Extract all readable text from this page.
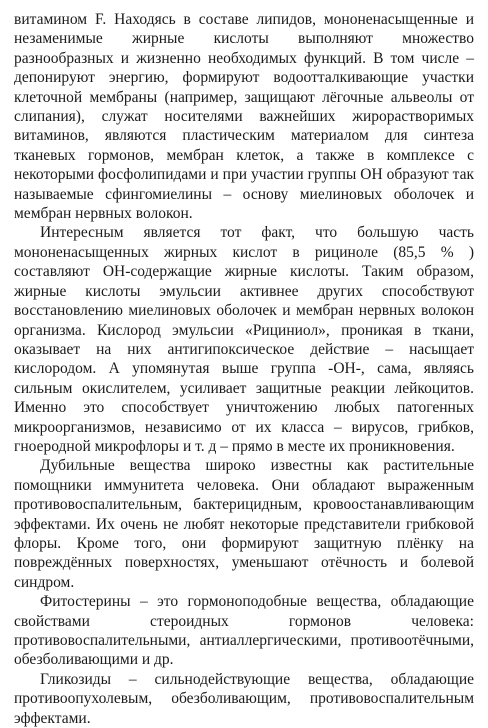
витамином F. Находясь в составе липидов, мононенасыщенные и незаменимые жирные кислоты выполняют множество разнообразных и жизненно необходимых функций. В том числе – депонируют энергию, формируют водоотталкивающие участки клеточной мембраны (например, защищают лёгочные альвеолы от слипания), служат носителями важнейших жирорастворимых витаминов, являются пластическим материалом для синтеза тканевых гормонов, мембран клеток, а также в комплексе с некоторыми фосфолипидами и при участии группы ОН образуют так называемые сфингомиелины – основу миелиновых оболочек и мембран нервных волокон.

Интересным является тот факт, что большую часть мононенасыщенных жирных кислот в рициноле (85,5 % ) составляют ОН-содержащие жирные кислоты. Таким образом, жирные кислоты эмульсии активнее других способствуют восстановлению миелиновых оболочек и мембран нервных волокон организма. Кислород эмульсии «Рициниол», проникая в ткани, оказывает на них антигипоксическое действие – насыщает кислородом. А упомянутая выше группа -ОН-, сама, являясь сильным окислителем, усиливает защитные реакции лейкоцитов. Именно это способствует уничтожению любых патогенных микроорганизмов, независимо от их класса – вирусов, грибков, гноеродной микрофлоры и т. д – прямо в месте их проникновения.

Дубильные вещества широко известны как растительные помощники иммунитета человека. Они обладают выраженным противовоспалительным, бактерицидным, кровоостанавливающим эффектами. Их очень не любят некоторые представители грибковой флоры. Кроме того, они формируют защитную плёнку на повреждённых поверхностях, уменьшают отёчность и болевой синдром.

Фитостерины – это гормоноподобные вещества, обладающие свойствами стероидных гормонов человека: противовоспалительными, антиаллергическими, противоотёчными, обезболивающими и др.

Гликозиды – сильнодействующие вещества, обладающие противоопухолевым, обезболивающим, противовоспалительным эффектами.
